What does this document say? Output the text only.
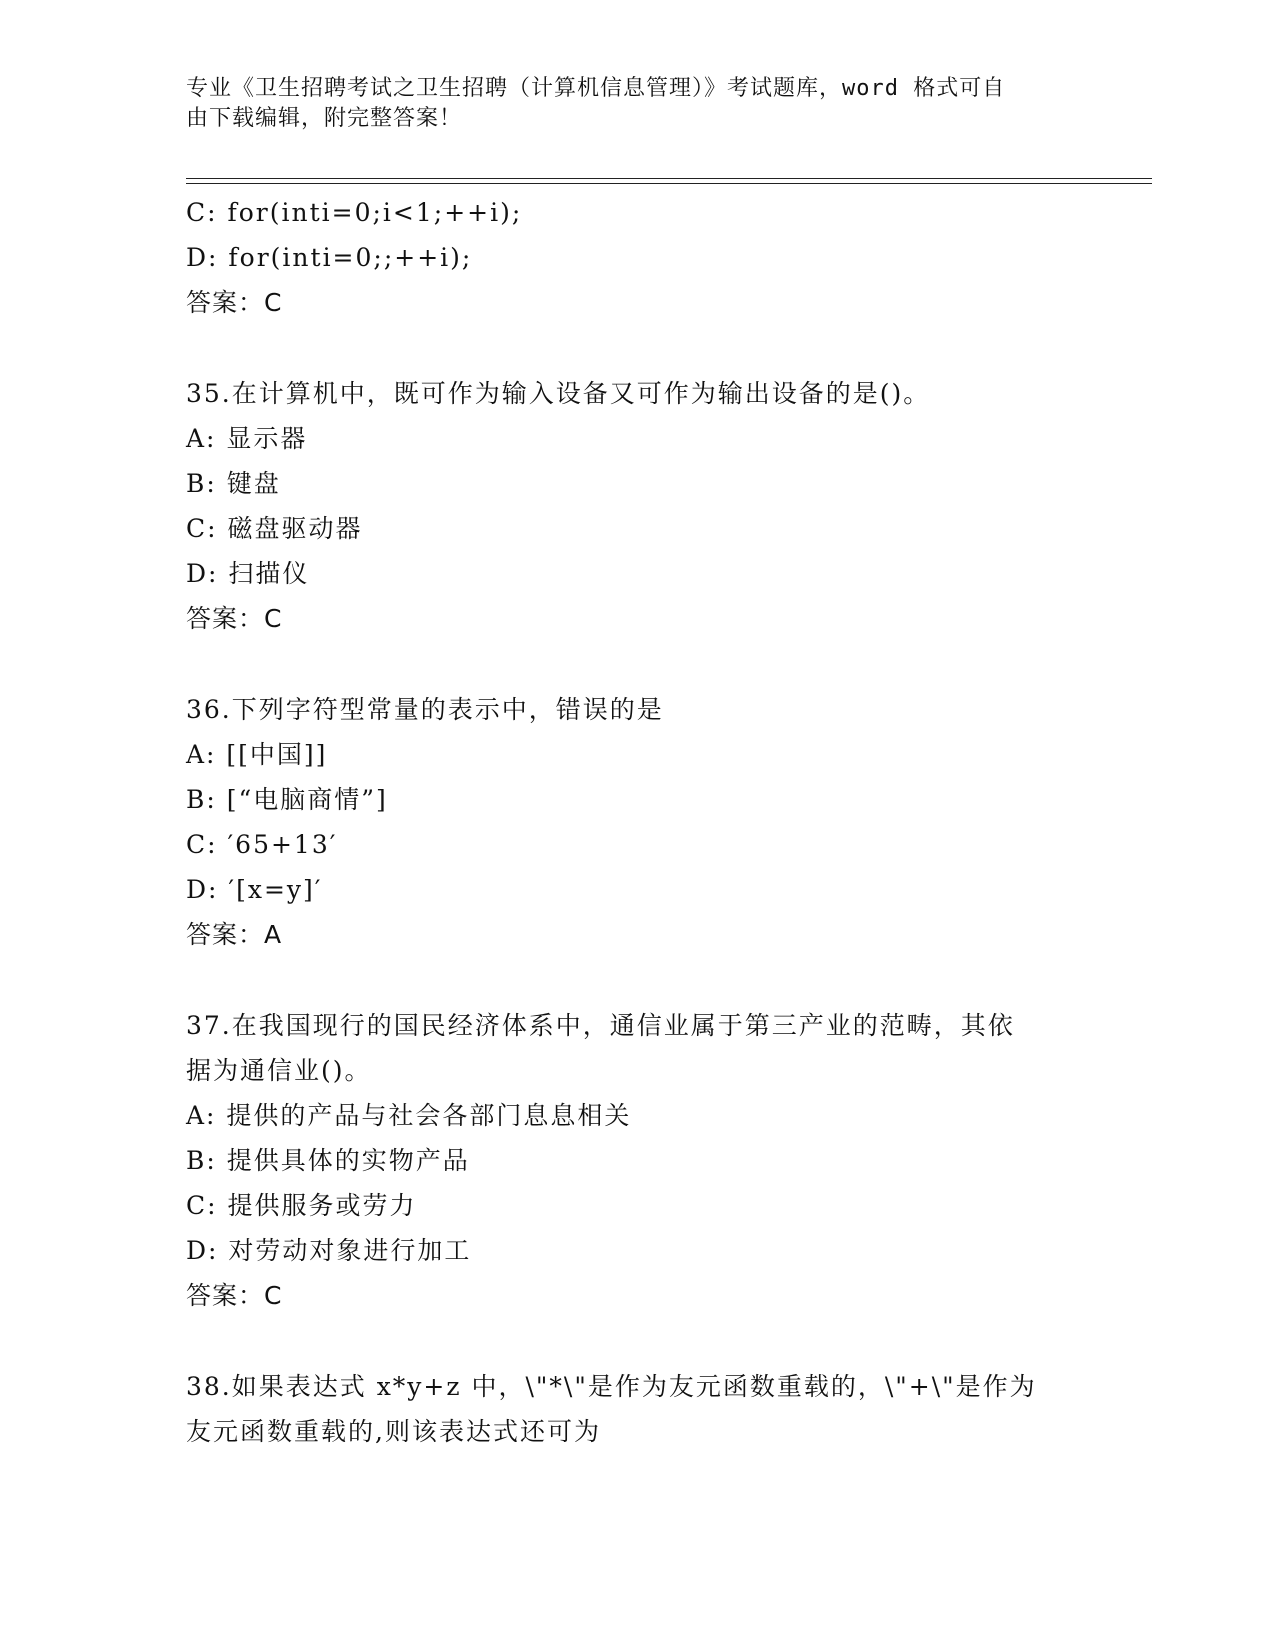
专业《卫生招聘考试之卫生招聘（计算机信息管理）》考试题库，word 格式可自
由下载编辑，附完整答案！
C: for(inti=0;i<1;++i);
D: for(inti=0;;++i);
答案：C
35.在计算机中，既可作为输入设备又可作为输出设备的是()。
A: 显示器
B: 键盘
C: 磁盘驱动器
D: 扫描仪
答案：C
36.下列字符型常量的表示中，错误的是
A: [[中国]]
B: [“电脑商情”]
C: ′65+13′
D: ′[x=y]′
答案：A
37.在我国现行的国民经济体系中，通信业属于第三产业的范畴，其依
据为通信业()。
A: 提供的产品与社会各部门息息相关
B: 提供具体的实物产品
C: 提供服务或劳力
D: 对劳动对象进行加工
答案：C
38.如果表达式 x*y+z 中，\"*\"是作为友元函数重载的，\"+\"是作为
友元函数重载的,则该表达式还可为
